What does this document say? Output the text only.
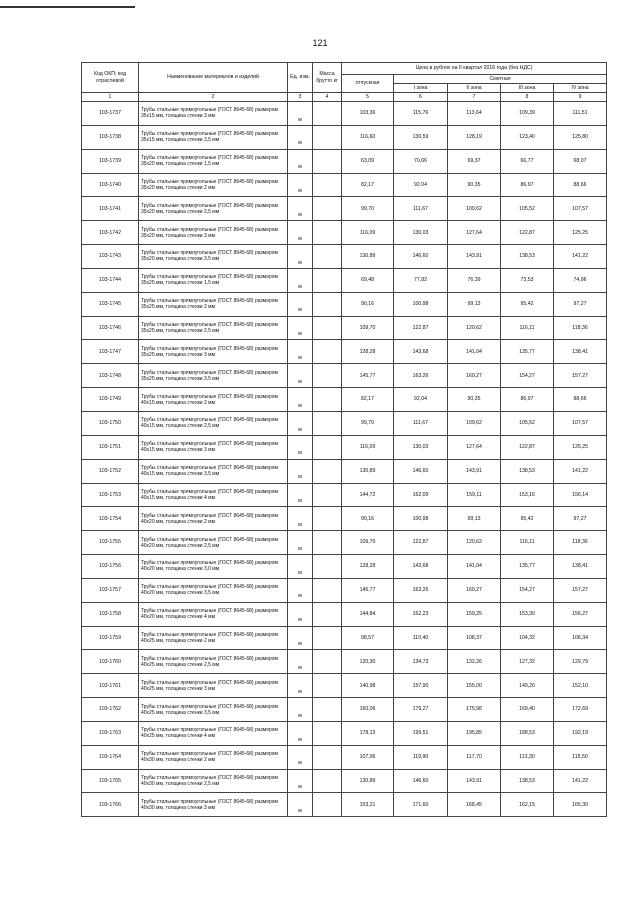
121
Код ОКП; код отраслевой	Наименование материалов и изделий	Ед. изм.	Масса брутто кг	Цена в рублях на II квартал 2016 года (без НДС)				
				отпускная	Сметная			
					I зона	II зона	III зона	IV зона
1	2	3	4	5	6	7	8	9
103-1737	Трубы стальные прямоугольные (ГОСТ 8645-68) размером 35х15 мм, толщина стенки 3 мм	м		103,36	115,76	113,64	109,39	111,51
103-1738	Трубы стальные прямоугольные (ГОСТ 8645-68) размером 35х15 мм, толщина стенки 3,5 мм	м		116,60	130,59	128,19	123,40	125,80
103-1739	Трубы стальные прямоугольные (ГОСТ 8645-68) размером 35х20 мм, толщина стенки 1,5 мм	м		63,09	70,66	69,37	66,77	68,07
103-1740	Трубы стальные прямоугольные (ГОСТ 8645-68) размером 35х20 мм, толщина стенки 2 мм	м		82,17	92,04	90,35	86,97	88,66
103-1741	Трубы стальные прямоугольные (ГОСТ 8645-68) размером 35х20 мм, толщина стенки 2,5 мм	м		99,70	111,67	109,62	105,52	107,57
103-1742	Трубы стальные прямоугольные (ГОСТ 8645-68) размером 35х20 мм, толщина стенки 3 мм	м		116,09	130,03	127,64	122,87	125,25
103-1743	Трубы стальные прямоугольные (ГОСТ 8645-68) размером 35х20 мм, толщина стенки 3,5 мм	м		130,89	146,60	143,91	138,53	141,22
103-1744	Трубы стальные прямоугольные (ГОСТ 8645-68) размером 35х25 мм, толщина стенки 1,5 мм	м		69,48	77,82	76,39	73,53	74,96
103-1745	Трубы стальные прямоугольные (ГОСТ 8645-68) размером 35х25 мм, толщина стенки 2 мм	м		90,16	100,98	99,13	95,42	97,27
103-1746	Трубы стальные прямоугольные (ГОСТ 8645-68) размером 35х25 мм, толщина стенки 2,5 мм	м		109,70	122,87	120,62	116,11	118,36
103-1747	Трубы стальные прямоугольные (ГОСТ 8645-68) размером 35х25 мм, толщина стенки 3 мм	м		128,28	143,68	141,04	135,77	138,41
103-1748	Трубы стальные прямоугольные (ГОСТ 8645-68) размером 35х25 мм, толщина стенки 3,5 мм	м		145,77	163,26	160,27	154,27	157,27
103-1749	Трубы стальные прямоугольные (ГОСТ 8645-68) размером 40х15 мм, толщина стенки 2 мм	м		82,17	92,04	90,35	86,97	88,66
103-1750	Трубы стальные прямоугольные (ГОСТ 8645-68) размером 40х15 мм, толщина стенки 2,5 мм	м		99,70	111,67	109,62	105,52	107,57
103-1751	Трубы стальные прямоугольные (ГОСТ 8645-68) размером 40х15 мм, толщина стенки 3 мм	м		116,09	130,03	127,64	122,87	125,25
103-1752	Трубы стальные прямоугольные (ГОСТ 8645-68) размером 40х15 мм, толщина стенки 3,5 мм	м		130,89	146,60	143,91	138,53	141,22
103-1753	Трубы стальные прямоугольные (ГОСТ 8645-68) размером 40х15 мм, толщина стенки 4 мм	м		144,72	162,09	159,11	153,16	156,14
103-1754	Трубы стальные прямоугольные (ГОСТ 8645-68) размером 40х20 мм, толщина стенки 2 мм	м		90,16	100,98	99,13	95,42	97,27
103-1755	Трубы стальные прямоугольные (ГОСТ 8645-68) размером 40х20 мм, толщина стенки 2,5 мм	м		109,70	122,87	120,62	116,11	118,36
103-1756	Трубы стальные прямоугольные (ГОСТ 8645-68) размером 40х20 мм, толщина стенки 3,0 мм	м		128,28	143,68	141,04	135,77	138,41
103-1757	Трубы стальные прямоугольные (ГОСТ 8645-68) размером 40х20 мм, толщина стенки 3,5 мм	м		145,77	163,26	160,27	154,27	157,27
103-1758	Трубы стальные прямоугольные (ГОСТ 8645-68) размером 40х20 мм, толщина стенки 4 мм	м		144,84	162,23	159,25	153,30	156,27
103-1759	Трубы стальные прямоугольные (ГОСТ 8645-68) размером 40х25 мм, толщина стенки 2 мм	м		98,57	110,40	108,37	104,32	106,34
103-1760	Трубы стальные прямоугольные (ГОСТ 8645-68) размером 40х25 мм, толщина стенки 2,5 мм	м		120,30	134,73	132,26	127,32	129,79
103-1761	Трубы стальные прямоугольные (ГОСТ 8645-68) размером 40х25 мм, толщина стенки 3 мм	м		140,98	157,90	155,00	149,20	152,10
103-1762	Трубы стальные прямоугольные (ГОСТ 8645-68) размером 40х25 мм, толщина стенки 3,5 мм	м		160,06	179,27	175,98	169,40	172,69
103-1763	Трубы стальные прямоугольные (ГОСТ 8645-68) размером 40х25 мм, толщина стенки 4 мм	м		178,13	199,51	195,85	188,53	192,19
103-1764	Трубы стальные прямоугольные (ГОСТ 8645-68) размером 40х30 мм, толщина стенки 2 мм	м		107,06	119,90	117,70	113,30	115,50
103-1765	Трубы стальные прямоугольные (ГОСТ 8645-68) размером 40х30 мм, толщина стенки 2,5 мм	м		130,89	146,60	143,91	138,53	141,22
103-1766	Трубы стальные прямоугольные (ГОСТ 8645-68) размером 40х30 мм, толщина стенки 3 мм	м		153,21	171,60	168,45	162,15	165,30
